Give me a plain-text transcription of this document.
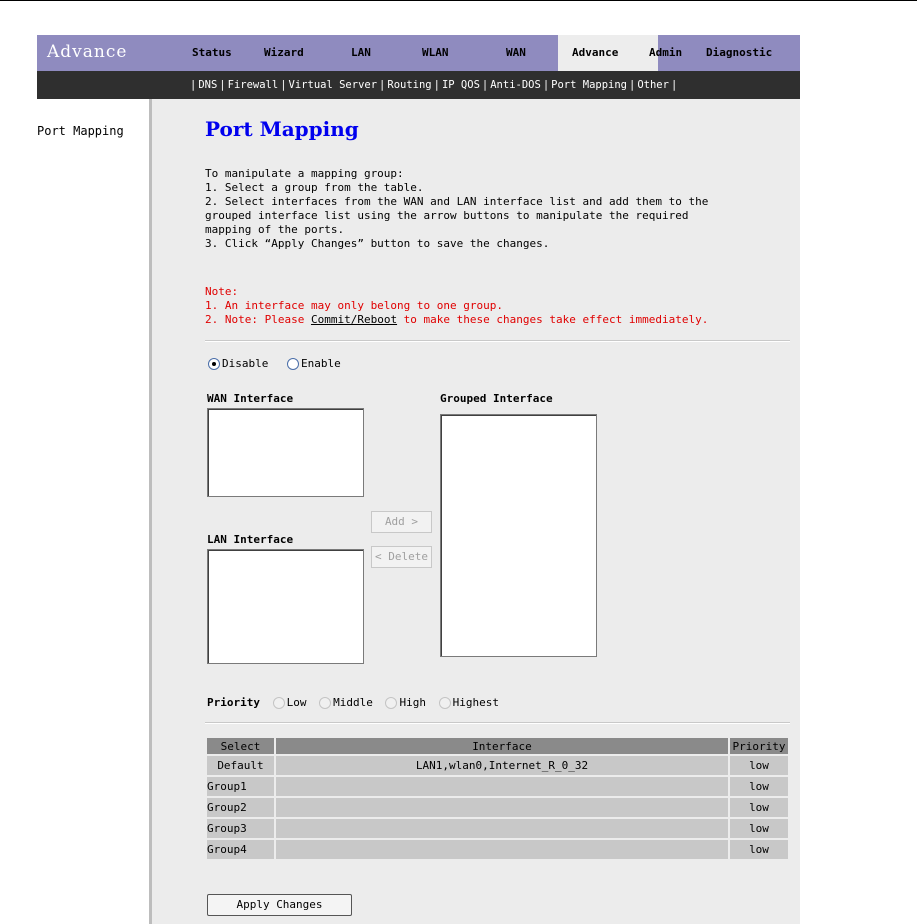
Advance	Status	Wizard	LAN	WLAN	WAN	Advance	Admin Diagnostic
| DNS | Firewall | Virtual Server | Routing | IP QOS | Anti-DOS | Port Mapping | Other |
Port Mapping	Port Mapping
To manipulate a mapping group:
1. Select a group from the table.
2. Select interfaces from the WAN and LAN interface list and add them to the
grouped interface list using the arrow buttons to manipulate the required
mapping of the ports.
3. Click “Apply Changes” button to save the changes.
Note:
1. An interface may only belong to one group.
2. Note: Please Commit/Reboot to make these changes take effect immediately.
Disable	Enable
WAN Interface	Grouped Interface
Add >
< Delete
LAN Interface
Priority Low Middle High Highest
Select	Interface	Priority
Default	LAN1,wlan0,Internet_R_0_32	low
Group1		low
Group2		low
Group3		low
Group4		low
Apply Changes
